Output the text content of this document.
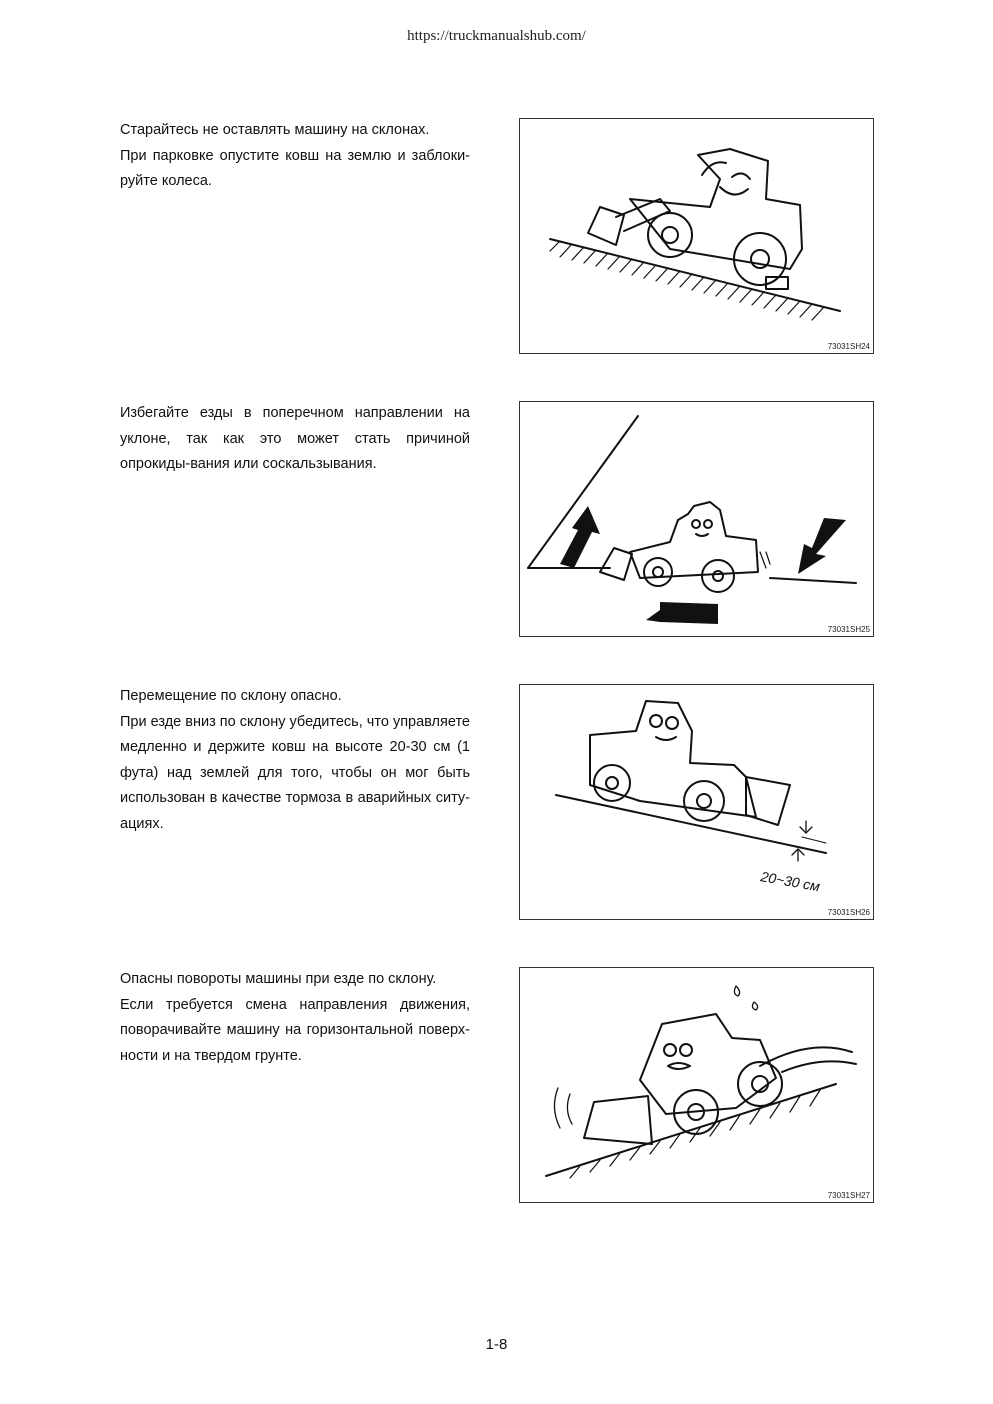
https://truckmanualshub.com/

Старайтесь не оставлять машину на склонах.

При парковке опустите ковш на землю и заблоки-руйте колеса.

73031SH24

Избегайте езды в поперечном направлении на уклоне, так как это может стать причиной опрокиды-вания или соскальзывания.

73031SH25

Перемещение по склону опасно.

При езде вниз по склону убедитесь, что управляете медленно и держите ковш на высоте 20-30 см (1 фута) над землей для того, чтобы он мог быть использован в качестве тормоза в аварийных ситу-ациях.

20~30 см
73031SH26

Опасны повороты машины при езде по склону.

Если требуется смена направления движения, поворачивайте машину на горизонтальной поверх-ности и на твердом грунте.

73031SH27
1-8
